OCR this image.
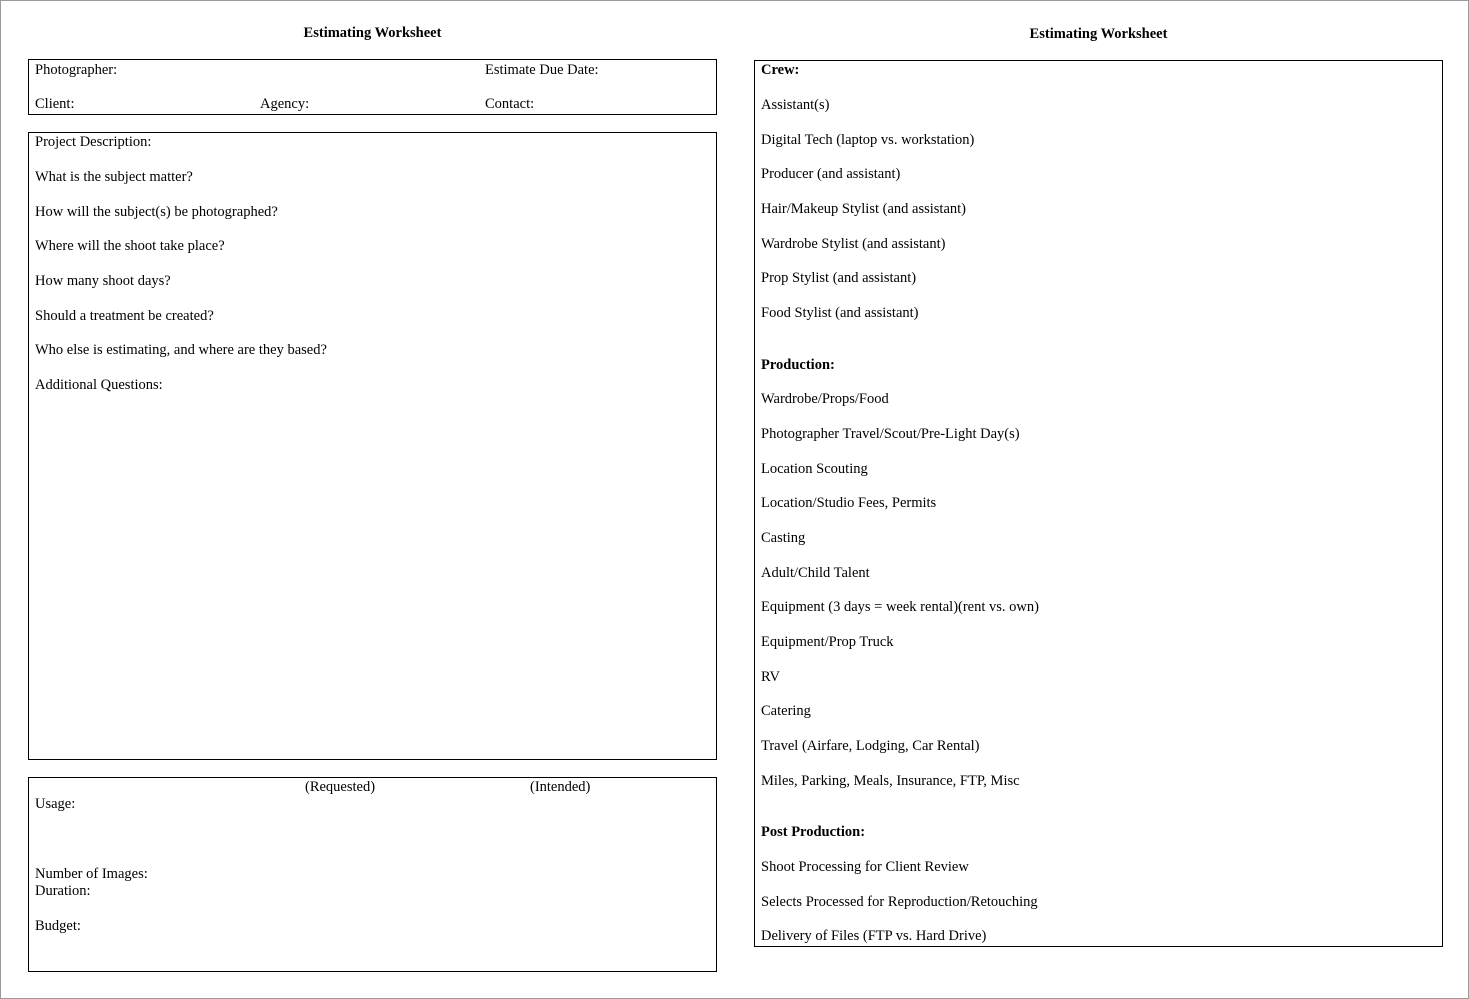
Estimating Worksheet
Photographer:	Estimate Due Date:
Client:	Agency:	Contact:
Project Description:
What is the subject matter?
How will the subject(s) be photographed?
Where will the shoot take place?
How many shoot days?
Should a treatment be created?
Who else is estimating, and where are they based?
Additional Questions:
(Requested)	(Intended)
Usage:
Number of Images:
Duration:
Budget:
Estimating Worksheet
Crew:
Assistant(s)
Digital Tech (laptop vs. workstation)
Producer (and assistant)
Hair/Makeup Stylist (and assistant)
Wardrobe Stylist (and assistant)
Prop Stylist (and assistant)
Food Stylist (and assistant)
Production:
Wardrobe/Props/Food
Photographer Travel/Scout/Pre-Light Day(s)
Location Scouting
Location/Studio Fees, Permits
Casting
Adult/Child Talent
Equipment (3 days = week rental)(rent vs. own)
Equipment/Prop Truck
RV
Catering
Travel (Airfare, Lodging, Car Rental)
Miles, Parking, Meals, Insurance, FTP, Misc
Post Production:
Shoot Processing for Client Review
Selects Processed for Reproduction/Retouching
Delivery of Files (FTP vs. Hard Drive)
